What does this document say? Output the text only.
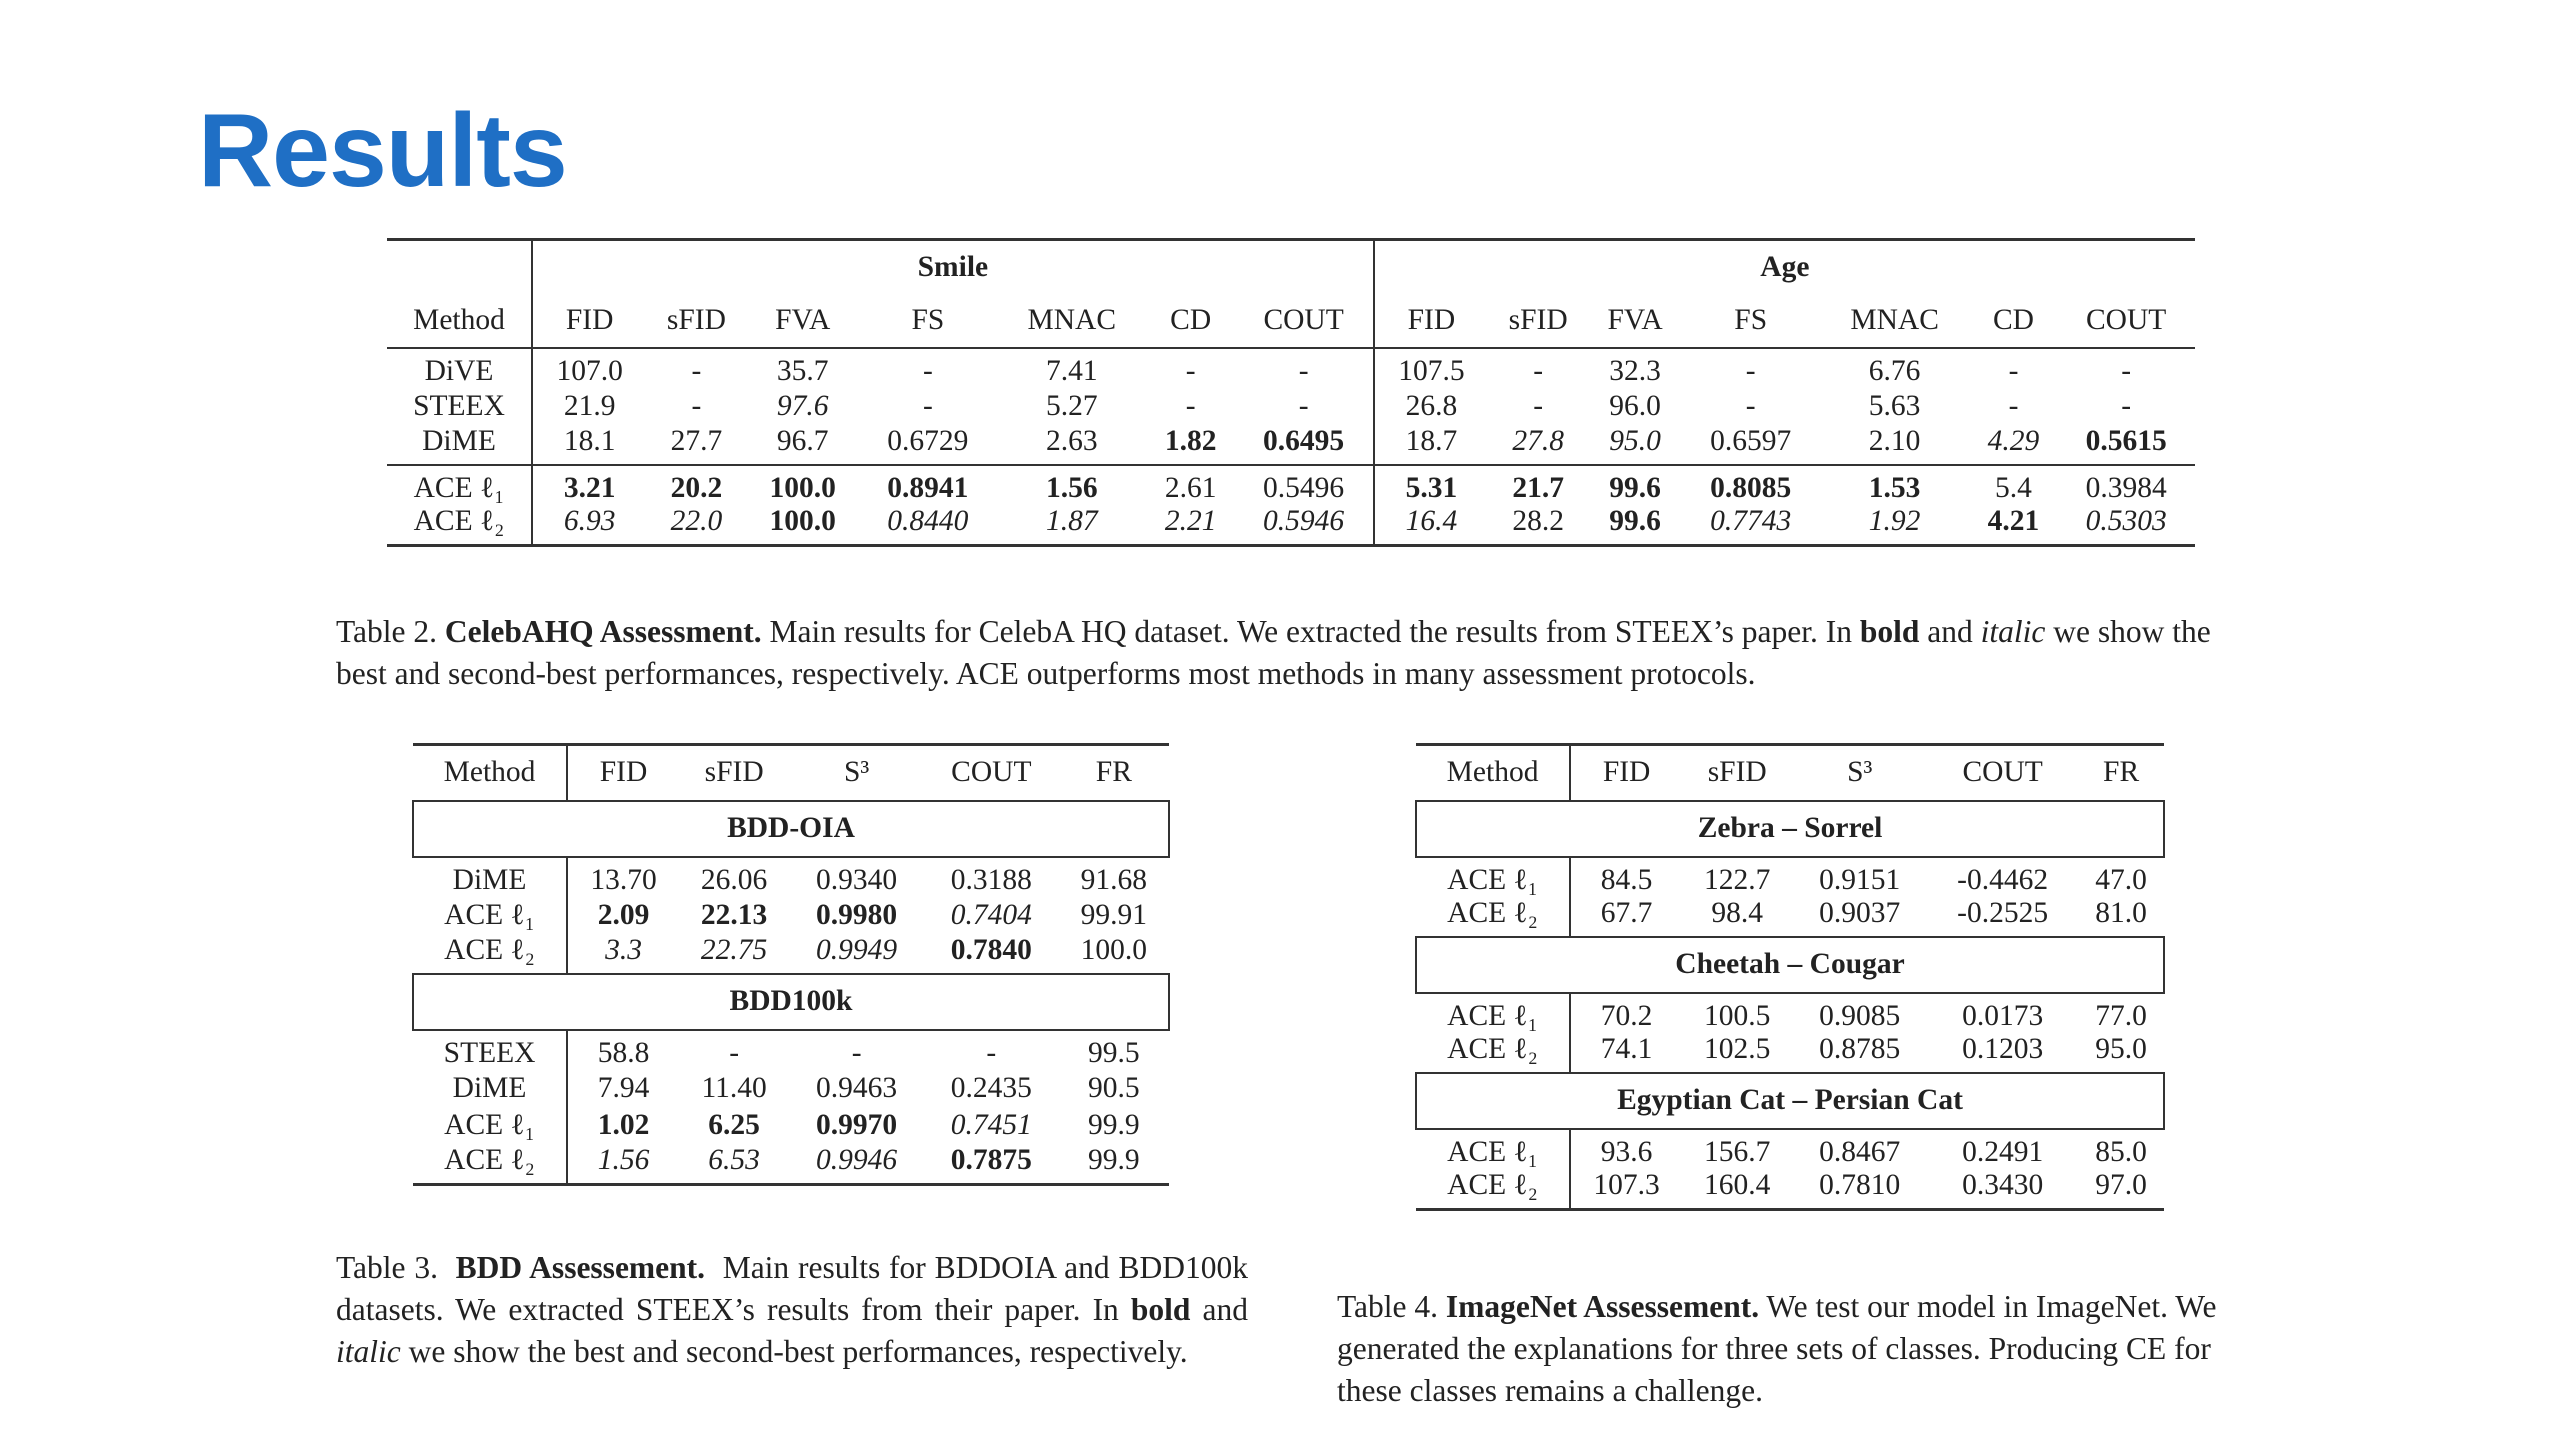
Results
	Smile							Age						
Method	FID	sFID	FVA	FS	MNAC	CD	COUT	FID	sFID	FVA	FS	MNAC	CD	COUT
DiVE	107.0	-	35.7	-	7.41	-	-	107.5	-	32.3	-	6.76	-	-
STEEX	21.9	-	97.6	-	5.27	-	-	26.8	-	96.0	-	5.63	-	-
DiME	18.1	27.7	96.7	0.6729	2.63	1.82	0.6495	18.7	27.8	95.0	0.6597	2.10	4.29	0.5615
ACE ℓ₁	3.21	20.2	100.0	0.8941	1.56	2.61	0.5496	5.31	21.7	99.6	0.8085	1.53	5.4	0.3984
ACE ℓ₂	6.93	22.0	100.0	0.8440	1.87	2.21	0.5946	16.4	28.2	99.6	0.7743	1.92	4.21	0.5303

Table 2. CelebAHQ Assessment. Main results for CelebA HQ dataset. We extracted the results from STEEX’s paper. In bold and italic we show the best and second-best performances, respectively. ACE outperforms most methods in many assessment protocols.

Method	FID	sFID	S³	COUT	FR
BDD-OIA					
DiME	13.70	26.06	0.9340	0.3188	91.68
ACE ℓ₁	2.09	22.13	0.9980	0.7404	99.91
ACE ℓ₂	3.3	22.75	0.9949	0.7840	100.0
BDD100k					
STEEX	58.8	-	-	-	99.5
DiME	7.94	11.40	0.9463	0.2435	90.5
ACE ℓ₁	1.02	6.25	0.9970	0.7451	99.9
ACE ℓ₂	1.56	6.53	0.9946	0.7875	99.9

Table 3. BDD Assessement. Main results for BDDOIA and BDD100k datasets. We extracted STEEX’s results from their paper. In bold and italic we show the best and second-best performances, respectively.

Method	FID	sFID	S³	COUT	FR
Zebra – Sorrel					
ACE ℓ₁	84.5	122.7	0.9151	-0.4462	47.0
ACE ℓ₂	67.7	98.4	0.9037	-0.2525	81.0
Cheetah – Cougar					
ACE ℓ₁	70.2	100.5	0.9085	0.0173	77.0
ACE ℓ₂	74.1	102.5	0.8785	0.1203	95.0
Egyptian Cat – Persian Cat					
ACE ℓ₁	93.6	156.7	0.8467	0.2491	85.0
ACE ℓ₂	107.3	160.4	0.7810	0.3430	97.0

Table 4. ImageNet Assessement. We test our model in ImageNet. We generated the explanations for three sets of classes. Producing CE for these classes remains a challenge.
